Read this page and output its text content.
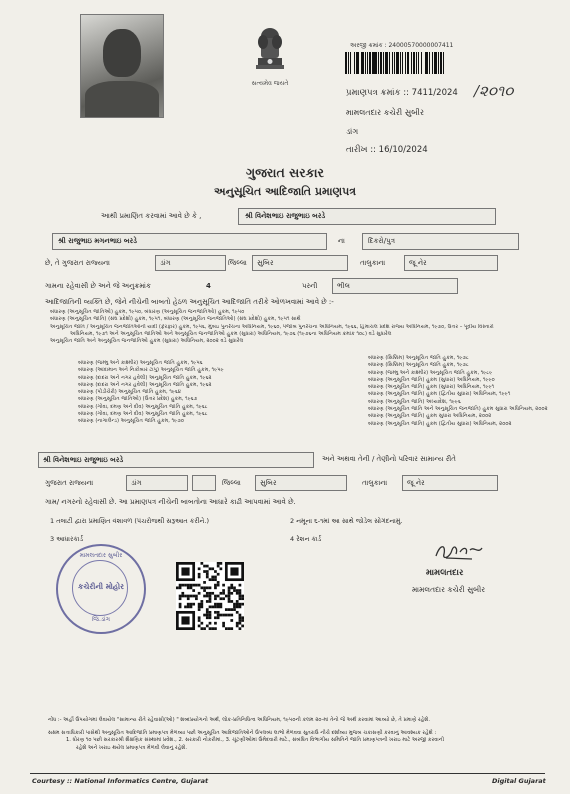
સત્યમેવ જયતે
અરજી ક્રમાંક : 24000570000007411
પ્રમાણપત્ર ક્રમાંક :: 7411/2024 /૨૦૧૦
મામલતદાર કચેરી સુબીર
ડાંગ
તારીખ :: 16/10/2024
ગુજરાત સરકાર
અનુસૂચિત આદિજાતિ પ્રમાણપત્ર
આથી પ્રમાણિત કરવામાં આવે છે કે ,	શ્રી વિનેશભાઇ રાજુભાઇ બરડે
શ્રી રાજુભાઇ મગનભાઇ બરડે	ના	દિકરો/પુત્ર
છે, તે ગુજરાત રાજ્યના	ડાંગ	જિલ્લા	સુબિર	તાલુકાના	જૂ નેર
ગામના રહેવાસી છે અને જે અનુક્રમાંક	4	પરની	ભીલ
આદિજાતિની વ્યક્તિ છે, જેને નીચેની બાબતો હેઠળ અનુસૂચિત આદિજાતિ તરીકે ઓળખવામાં આવે છે :-
બંધારણ (અનુસૂચિત જાતિઓ) હુકમ, ૧૯૫૦, બંધારણ (અનુસૂચિત જનજાતિઓ) હુકમ, ૧૯૫૦
બંધારણ (અનુસૂચિત જાતિ) (સંઘ પ્રદેશો) હુકમ, ૧૯૫૧, બંધારણ (અનુસૂચિત જનજાતિઓ) (સંઘ પ્રદેશો) હુકમ, ૧૯૫૧ સાથે
અનુસૂચિત જાતિ / અનુસૂચિત જનજાતિઓની યાદી (ફેરફાર) હુકમ, ૧૯૫૬, મુંબઇ પુનર્રચના અધિનિયમ, ૧૯૬૦, પંજાબ પુનર્રચના અધિનિયમ, ૧૯૬૬, હિમાચલ પ્રદેશ રાજ્ય અધિનિયમ, ૧૯૭૦, ઉત્તર – પૂર્વીય વિસ્તારો
અધિનિયમ, ૧૯૭૧ અને અનુસૂચિત જાતિઓ અને અનુસૂચિત જનજાતિઓ હુકમ (સુધારા) અધિનિયમ, ૧૯૭૬ (૧૯૭૬ના અધિનિયમ ક્રમાંક ૧૦૮) વડે સુધારેલ
અનુસૂચિત જાતિ અને અનુસૂચિત જનજાતિઓ હુકમ (સુધારા) અધિનિયમ, ૨૦૦૨ વડે સુધારેલ
બંધારણ (જમ્મુ અને કાશ્મીર) અનુસૂચિત જાતિ હુકમ, ૧૯૫૬
બંધારણ (આંદામાન અને નિકોબાર ટાપુ) અનુસૂચિત જાતિ હુકમ, ૧૯૫૯
બંધારણ (દાદરા અને નગર હવેલી) અનુસૂચિત જાતિ હુકમ, ૧૯૬૨
બંધારણ (દાદરા અને નગર હવેલી) અનુસૂચિત જાતિ હુકમ, ૧૯૬૨
બંધારણ (પોંડીચેરી) અનુસૂચિત જાતિ હુકમ, ૧૯૬૪
બંધારણ (અનુસૂચિત જાતિઓ) (ઉત્તર પ્રદેશ) હુકમ, ૧૯૬૭
બંધારણ (ગોવા, દમણ અને દીવ) અનુસૂચિત જાતિ હુકમ, ૧૯૬૮
બંધારણ (ગોવા, દમણ અને દીવ) અનુસૂચિત જાતિ હુકમ, ૧૯૬૮
બંધારણ (નાગાલેન્ડ) અનુસૂચિત જાતિ હુકમ, ૧૯૭૦
બંધારણ (સિક્કિમ) અનુસૂચિત જાતિ હુકમ, ૧૯૭૮
બંધારણ (સિક્કિમ) અનુસૂચિત જાતિ હુકમ, ૧૯૭૮
બંધારણ (જમ્મુ અને કાશ્મીર) અનુસૂચિત જાતિ હુકમ, ૧૯૮૯
બંધારણ (અનુસૂચિત જાતિ) હુકમ (સુધારા) અધિનિયમ, ૧૯૯૦
બંધારણ (અનુસૂચિત જાતિ) હુકમ (સુધારા) અધિનિયમ, ૧૯૯૧
બંધારણ (અનુસૂચિત જાતિ) હુકમ (દ્વિતીય સુધારા) અધિનિયમ, ૧૯૯૧
બંધારણ (અનુસૂચિત જાતિ) અધ્યાદેશ, ૧૯૯૬
બંધારણ (અનુસૂચિત જાતિ અને અનુસૂચિત જનજાતિ) હુકમ સુધારા અધિનિયમ, ૨૦૦૨
બંધારણ (અનુસૂચિત જાતિ) હુકમ સુધારા અધિનિયમ, ૨૦૦૨
બંધારણ (અનુસૂચિત જાતિ) હુકમ (દ્વિતીય સુધારા) અધિનિયમ, ૨૦૦૨
શ્રી વિનેશભાઇ રાજુભાઇ બરડે	અને અથવા તેની / તેણીનો પરિવાર સામાન્ય રીતે
ગુજરાત રાજ્યના	ડાંગ	જિલ્લા	સુબિર	તાલુકાના	જૂ નેર
ગામ/ નગરનો રહેવાસી છે. આ પ્રમાણપત્ર નીચેની બાબતોના આધારે કાઢી આપવામાં આવે છે.
1 તલાટી દ્વારા પ્રમાણિત વંશાવળ (પંચરોજથી સરૂઆત કરીને.)	2 નમૂના ૬-૧માં આ સાથે જોડેલ સોગંદનામું.
3 આધારકાર્ડ	4 રેશન કાર્ડ
મામલતદાર સુબીર
કચેરીની મોહોર
જિ.ડાંગ
મામલતદાર
મામલતદાર કચેરી સુબીર
નોંધ :- અહીં ઉપયોગમાં લેવાયેલ "સામાન્ય રીતે રહેવાસી(ઓ) " શબ્દપ્રયોગનો અર્થ, લોક-પ્રતિનિધિત્વ અધિનિયમ, ૧૯૫૦ની કલમ ૨૦-માં તેનો જે અર્થ કરવામાં આવ્યો છે, તે પ્રમાણે રહેશે.
સક્ષમ સત્તાધિકારી પાસેથી અનુસૂચિત આદિજાતિ પ્રમાણપત્ર મેળવ્યા પછી અનુસૂચિત આદિજાતિઓને ઉપલબ્ધ લાભો મેળવવા સુતરાઉ નીચે દર્શાવ્યા મુજબ ચકાસણી કરવાનું આવશ્યક રહેશે :
1. ધોરણ ૧૦ પછી સરકારશ્રી શૈક્ષણિક સંસ્થામાં પ્રવેશ., 2. સરકારી નોકરીમાં., 3. ચૂંટણીઓમાં ઉમેદવારી માટે., સંબંધિત વિભાગીય સમિતિને જાતિ પ્રમાણપત્રની ખરાઇ માટે અરજી કરવાની
રહેશે અને ખરાઇ થયેલ પ્રમાણપત્ર મેળવી લેવાનું રહેશે.
Courtesy :: National Informatics Centre, Gujarat	Digital Gujarat
